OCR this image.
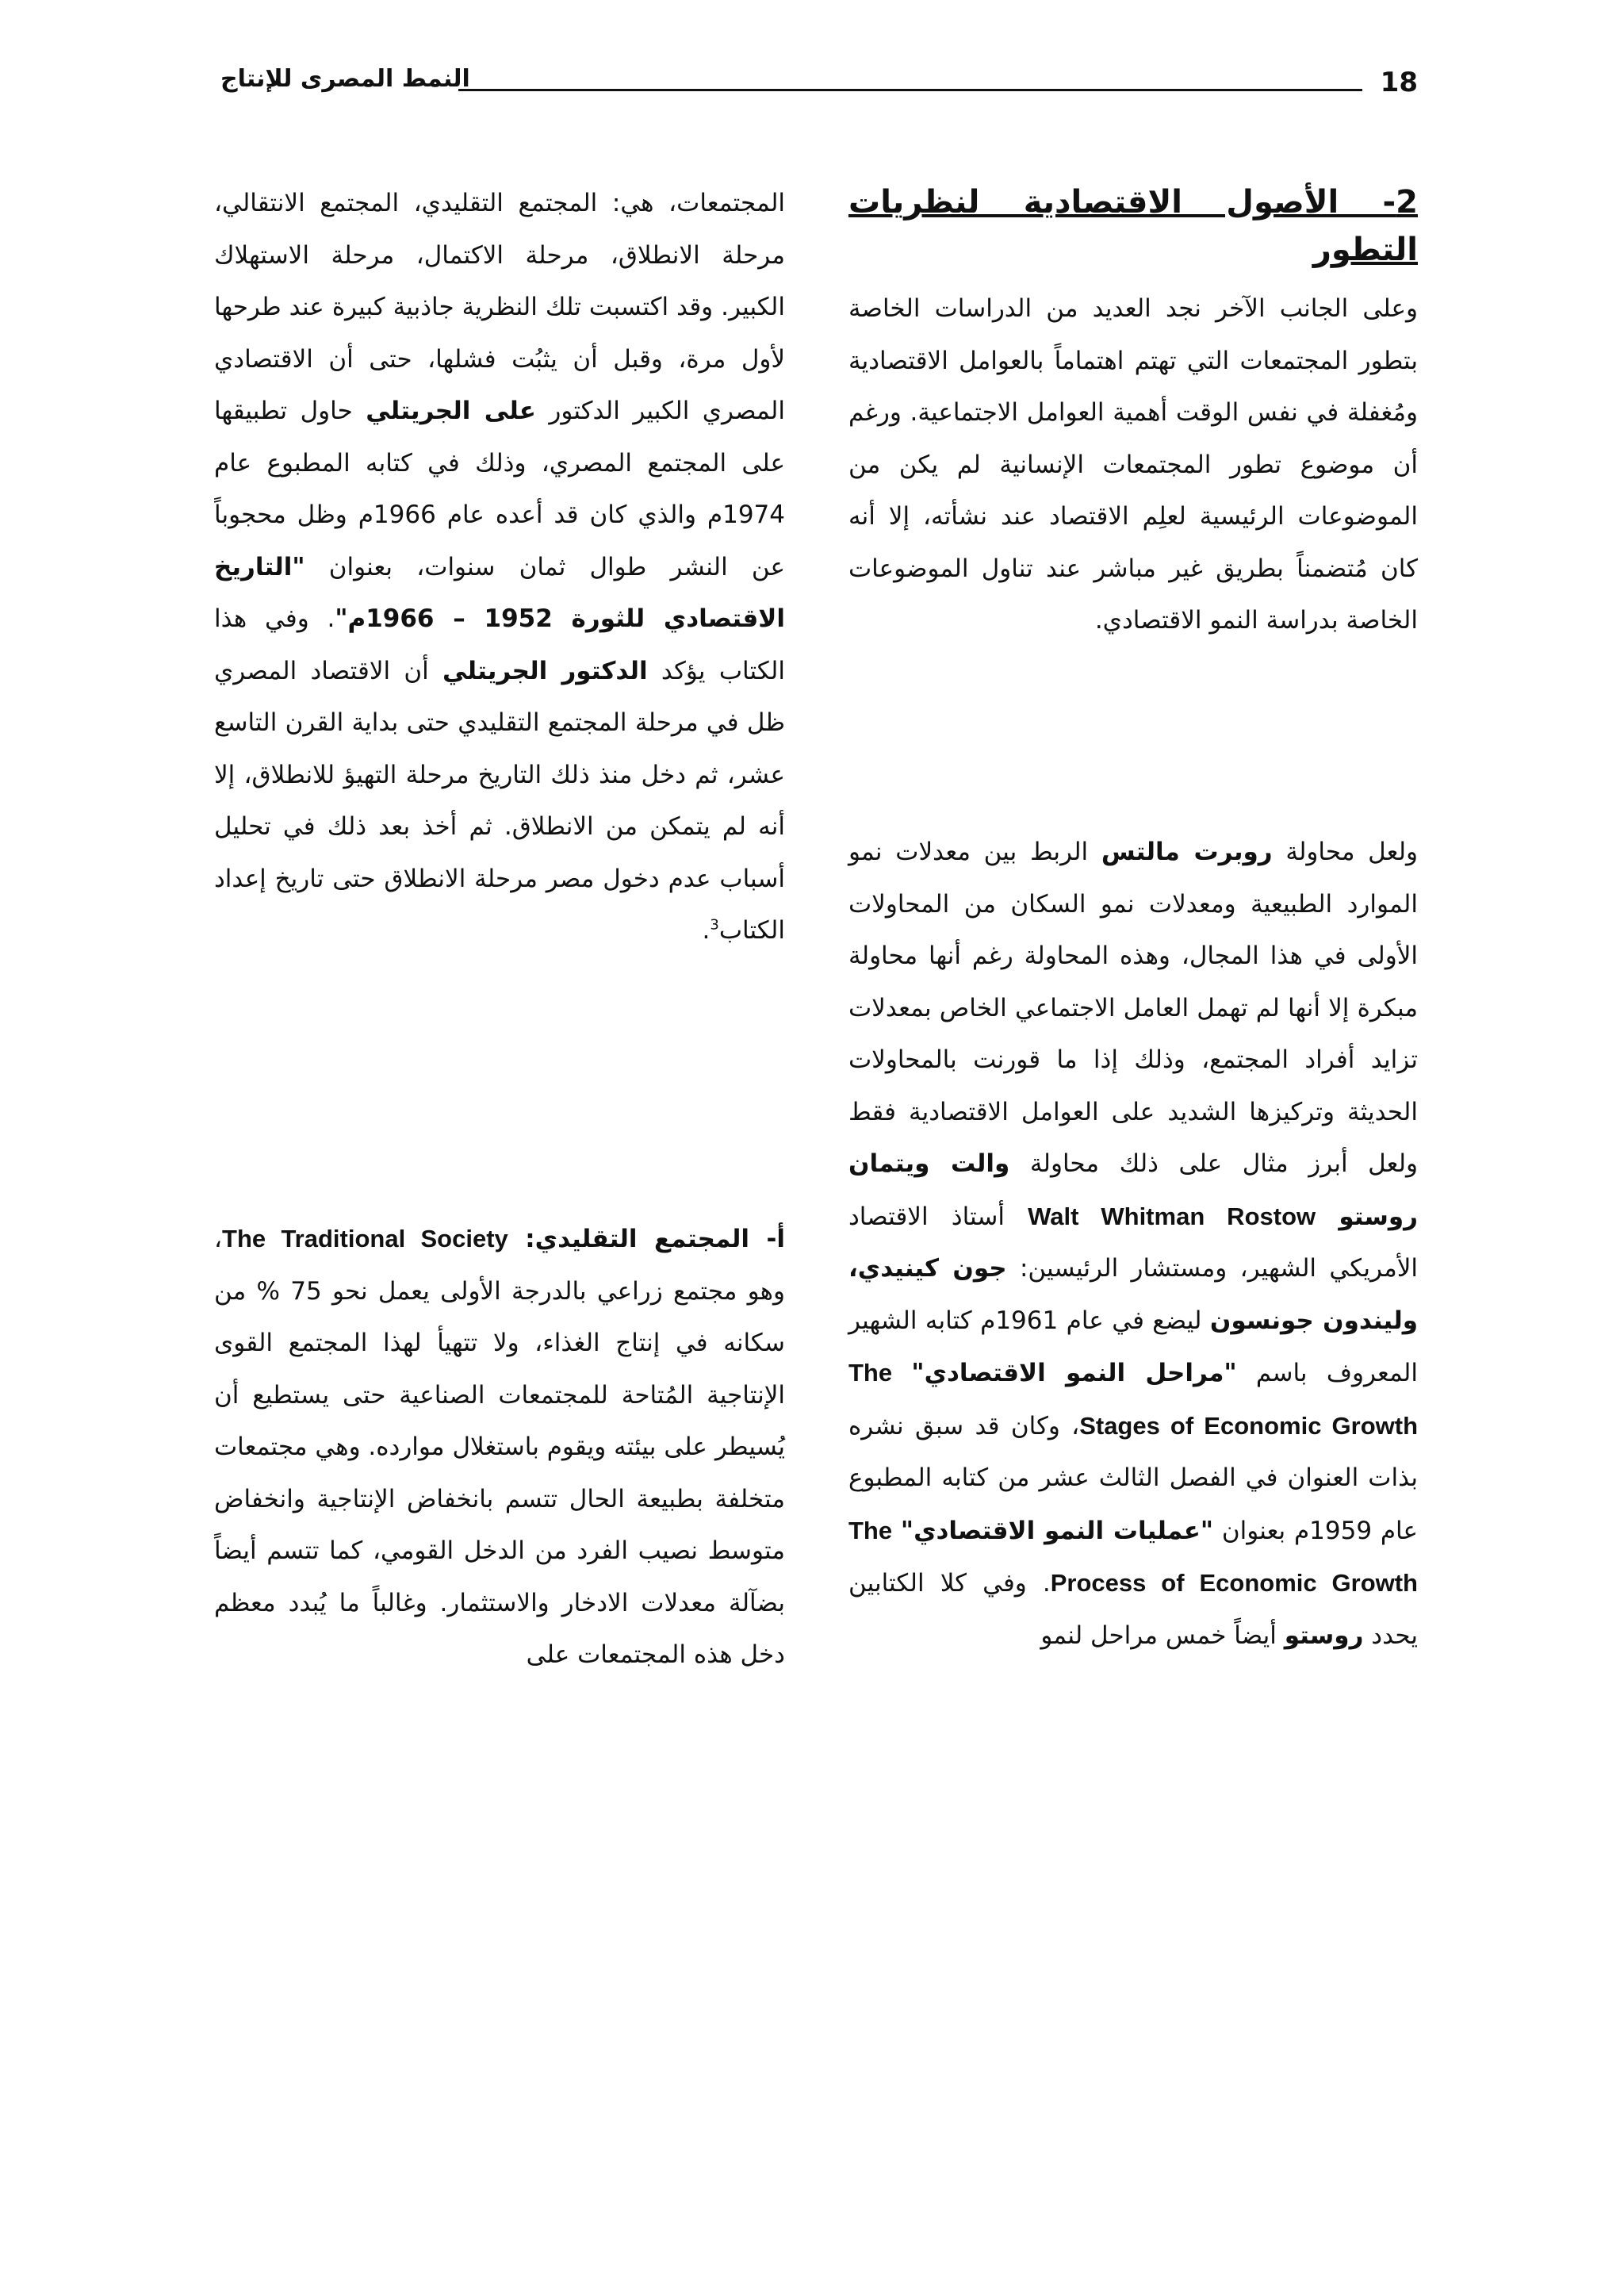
النمط المصرى للإنتاج	18
2- الأصول الاقتصادية لنظريات التطور

وعلى الجانب الآخر نجد العديد من الدراسات الخاصة بتطور المجتمعات التي تهتم اهتماماً بالعوامل الاقتصادية ومُغفلة في نفس الوقت أهمية العوامل الاجتماعية. ورغم أن موضوع تطور المجتمعات الإنسانية لم يكن من الموضوعات الرئيسية لعلِم الاقتصاد عند نشأته، إلا أنه كان مُتضمناً بطريق غير مباشر عند تناول الموضوعات الخاصة بدراسة النمو الاقتصادي.

ولعل محاولة روبرت مالتس الربط بين معدلات نمو الموارد الطبيعية ومعدلات نمو السكان من المحاولات الأولى في هذا المجال، وهذه المحاولة رغم أنها محاولة مبكرة إلا أنها لم تهمل العامل الاجتماعي الخاص بمعدلات تزايد أفراد المجتمع، وذلك إذا ما قورنت بالمحاولات الحديثة وتركيزها الشديد على العوامل الاقتصادية فقط ولعل أبرز مثال على ذلك محاولة والت ويتمان روستو Walt Whitman Rostow أستاذ الاقتصاد الأمريكي الشهير، ومستشار الرئيسين: جون كينيدي، وليندون جونسون ليضع في عام 1961م كتابه الشهير المعروف باسم "مراحل النمو الاقتصادي" The Stages of Economic Growth، وكان قد سبق نشره بذات العنوان في الفصل الثالث عشر من كتابه المطبوع عام 1959م بعنوان "عمليات النمو الاقتصادي" The Process of Economic Growth. وفي كلا الكتابين يحدد روستو أيضاً خمس مراحل لنمو

المجتمعات، هي: المجتمع التقليدي، المجتمع الانتقالي، مرحلة الانطلاق، مرحلة الاكتمال، مرحلة الاستهلاك الكبير. وقد اكتسبت تلك النظرية جاذبية كبيرة عند طرحها لأول مرة، وقبل أن يثبُت فشلها، حتى أن الاقتصادي المصري الكبير الدكتور على الجريتلي حاول تطبيقها على المجتمع المصري، وذلك في كتابه المطبوع عام 1974م والذي كان قد أعده عام 1966م وظل محجوباً عن النشر طوال ثمان سنوات، بعنوان "التاريخ الاقتصادي للثورة 1952 – 1966م". وفي هذا الكتاب يؤكد الدكتور الجريتلي أن الاقتصاد المصري ظل في مرحلة المجتمع التقليدي حتى بداية القرن التاسع عشر، ثم دخل منذ ذلك التاريخ مرحلة التهيؤ للانطلاق، إلا أنه لم يتمكن من الانطلاق. ثم أخذ بعد ذلك في تحليل أسباب عدم دخول مصر مرحلة الانطلاق حتى تاريخ إعداد الكتاب$^3$.

أ- المجتمع التقليدي: The Traditional Society، وهو مجتمع زراعي بالدرجة الأولى يعمل نحو 75 % من سكانه في إنتاج الغذاء، ولا تتهيأ لهذا المجتمع القوى الإنتاجية المُتاحة للمجتمعات الصناعية حتى يستطيع أن يُسيطر على بيئته ويقوم باستغلال موارده. وهي مجتمعات متخلفة بطبيعة الحال تتسم بانخفاض الإنتاجية وانخفاض متوسط نصيب الفرد من الدخل القومي، كما تتسم أيضاً بضآلة معدلات الادخار والاستثمار. وغالباً ما يُبدد معظم دخل هذه المجتمعات على
